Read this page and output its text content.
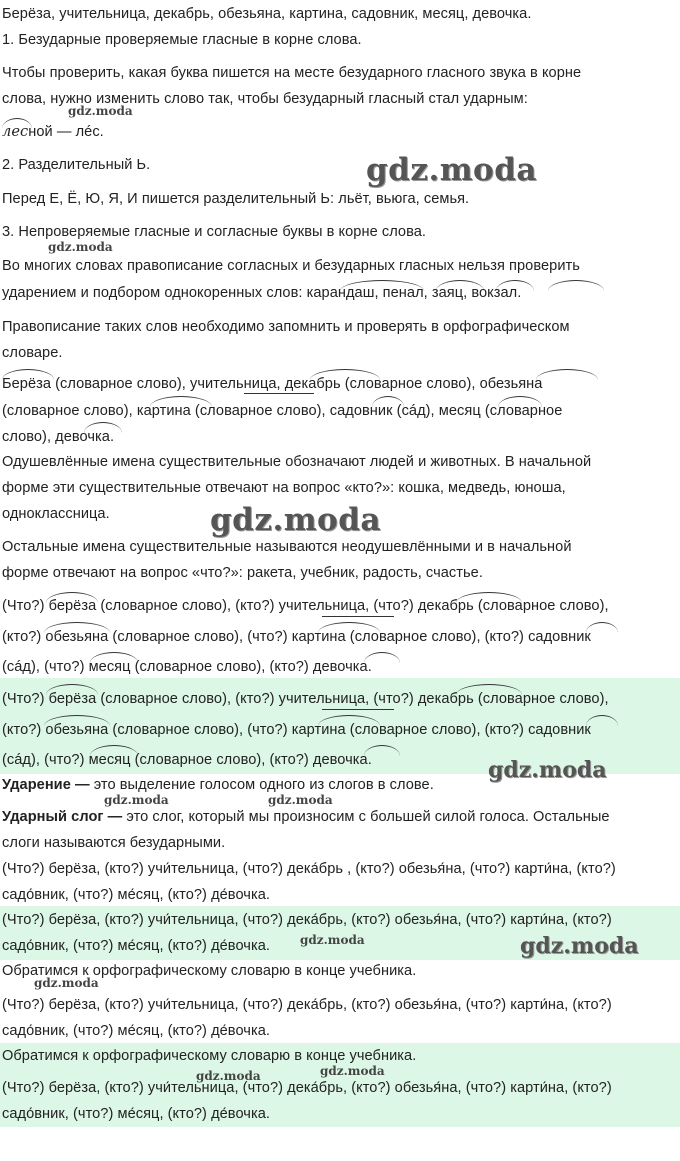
Берёза, учительница, декабрь, обезьяна, картина, садовник, месяц, девочка.
1. Безударные проверяемые гласные в корне слова.
Чтобы проверить, какая буква пишется на месте безударного гласного звука в корне
слова, нужно изменить слово так, чтобы безударный гласный стал ударным:
лесной — лéс.
2. Разделительный Ь.
Перед Е, Ё, Ю, Я, И пишется разделительный Ь: льёт, вьюга, семья.
3. Непроверяемые гласные и согласные буквы в корне слова.
Во многих словах правописание согласных и безударных гласных нельзя проверить
ударением и подбором однокоренных слов: карандаш, пенал, заяц, вокзал.
Правописание таких слов необходимо запомнить и проверять в орфографическом
словаре.
Берёза (словарное слово), учительница, декабрь (словарное слово), обезьяна
(словарное слово), картина (словарное слово), садовник (сáд), месяц (словарное
слово), девочка.
Одушевлённые имена существительные обозначают людей и животных. В начальной
форме эти существительные отвечают на вопрос «кто?»: кошка, медведь, юноша,
одноклассница.
Остальные имена существительные называются неодушевлёнными и в начальной
форме отвечают на вопрос «что?»: ракета, учебник, радость, счастье.
(Что?) берёза (словарное слово), (кто?) учительница, (что?) декабрь (словарное слово),
(кто?) обезьяна (словарное слово), (что?) картина (словарное слово), (кто?) садовник
(сáд), (что?) месяц (словарное слово), (кто?) девочка.
(Что?) берёза (словарное слово), (кто?) учительница, (что?) декабрь (словарное слово),
(кто?) обезьяна (словарное слово), (что?) картина (словарное слово), (кто?) садовник
(сáд), (что?) месяц (словарное слово), (кто?) девочка.
Ударение — это выделение голосом одного из слогов в слове.
Ударный слог — это слог, который мы произносим с большей силой голоса. Остальные
слоги называются безударными.
(Что?) берёза, (кто?) учи́тельница, (что?) дека́брь , (кто?) обезья́на, (что?) карти́на, (кто?)
садо́вник, (что?) ме́сяц, (кто?) де́вочка.
(Что?) берёза, (кто?) учи́тельница, (что?) дека́брь, (кто?) обезья́на, (что?) карти́на, (кто?)
садо́вник, (что?) ме́сяц, (кто?) де́вочка.
Обратимся к орфографическому словарю в конце учебника.
(Что?) берёза, (кто?) учи́тельница, (что?) дека́брь, (кто?) обезья́на, (что?) карти́на, (кто?)
садо́вник, (что?) ме́сяц, (кто?) де́вочка.
Обратимся к орфографическому словарю в конце учебника.
(Что?) берёза, (кто?) учи́тельница, (что?) дека́брь, (кто?) обезья́на, (что?) карти́на, (кто?)
садо́вник, (что?) ме́сяц, (кто?) де́вочка.
gdz.moda
gdz.moda
gdz.moda
gdz.moda
gdz.moda
gdz.moda	gdz.moda
gdz.moda	gdz.moda
gdz.moda
gdz.moda	gdz.moda
